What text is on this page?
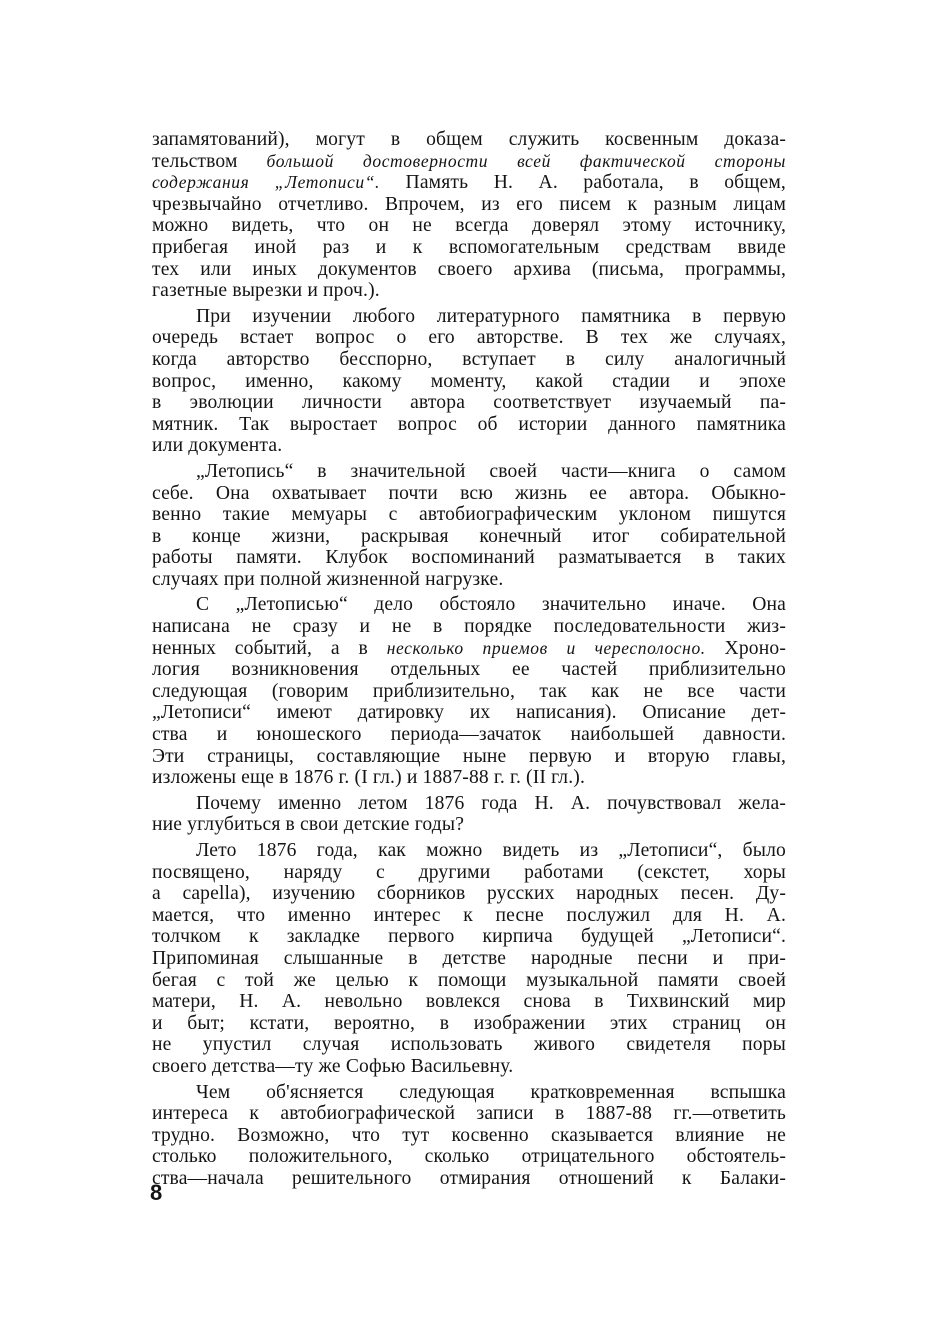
запамятований), могут в общем служить косвенным доказа-
тельством большой достоверности всей фактической стороны
содержания „Летописи“. Память Н. А. работала, в общем,
чрезвычайно отчетливо. Впрочем, из его писем к разным лицам
можно видеть, что он не всегда доверял этому источнику,
прибегая иной раз и к вспомогательным средствам ввиде
тех или иных документов своего архива (письма, программы,
газетные вырезки и проч.).
При изучении любого литературного памятника в первую
очередь встает вопрос о его авторстве. В тех же случаях,
когда авторство бесспорно, вступает в силу аналогичный
вопрос, именно, какому моменту, какой стадии и эпохе
в эволюции личности автора соответствует изучаемый па-
мятник. Так выростает вопрос об истории данного памятника
или документа.
„Летопись“ в значительной своей части—книга о самом
себе. Она охватывает почти всю жизнь ее автора. Обыкно-
венно такие мемуары с автобиографическим уклоном пишутся
в конце жизни, раскрывая конечный итог собирательной
работы памяти. Клубок воспоминаний разматывается в таких
случаях при полной жизненной нагрузке.
С „Летописью“ дело обстояло значительно иначе. Она
написана не сразу и не в порядке последовательности жиз-
ненных событий, а в несколько приемов и чересполосно. Хроно-
логия возникновения отдельных ее частей приблизительно
следующая (говорим приблизительно, так как не все части
„Летописи“ имеют датировку их написания). Описание дет-
ства и юношеского периода—зачаток наибольшей давности.
Эти страницы, составляющие ныне первую и вторую главы,
изложены еще в 1876 г. (I гл.) и 1887-88 г. г. (II гл.).
Почему именно летом 1876 года Н. А. почувствовал жела-
ние углубиться в свои детские годы?
Лето 1876 года, как можно видеть из „Летописи“, было
посвящено, наряду с другими работами (секстет, хоры
a capella), изучению сборников русских народных песен. Ду-
мается, что именно интерес к песне послужил для Н. А.
толчком к закладке первого кирпича будущей „Летописи“.
Припоминая слышанные в детстве народные песни и при-
бегая с той же целью к помощи музыкальной памяти своей
матери, Н. А. невольно вовлекся снова в Тихвинский мир
и быт; кстати, вероятно, в изображении этих страниц он
не упустил случая использовать живого свидетеля поры
своего детства—ту же Софью Васильевну.
Чем об'ясняется следующая кратковременная вспышка
интереса к автобиографической записи в 1887-88 гг.—ответить
трудно. Возможно, что тут косвенно сказывается влияние не
столько положительного, сколько отрицательного обстоятель-
ства—начала решительного отмирания отношений к Балаки-
8
